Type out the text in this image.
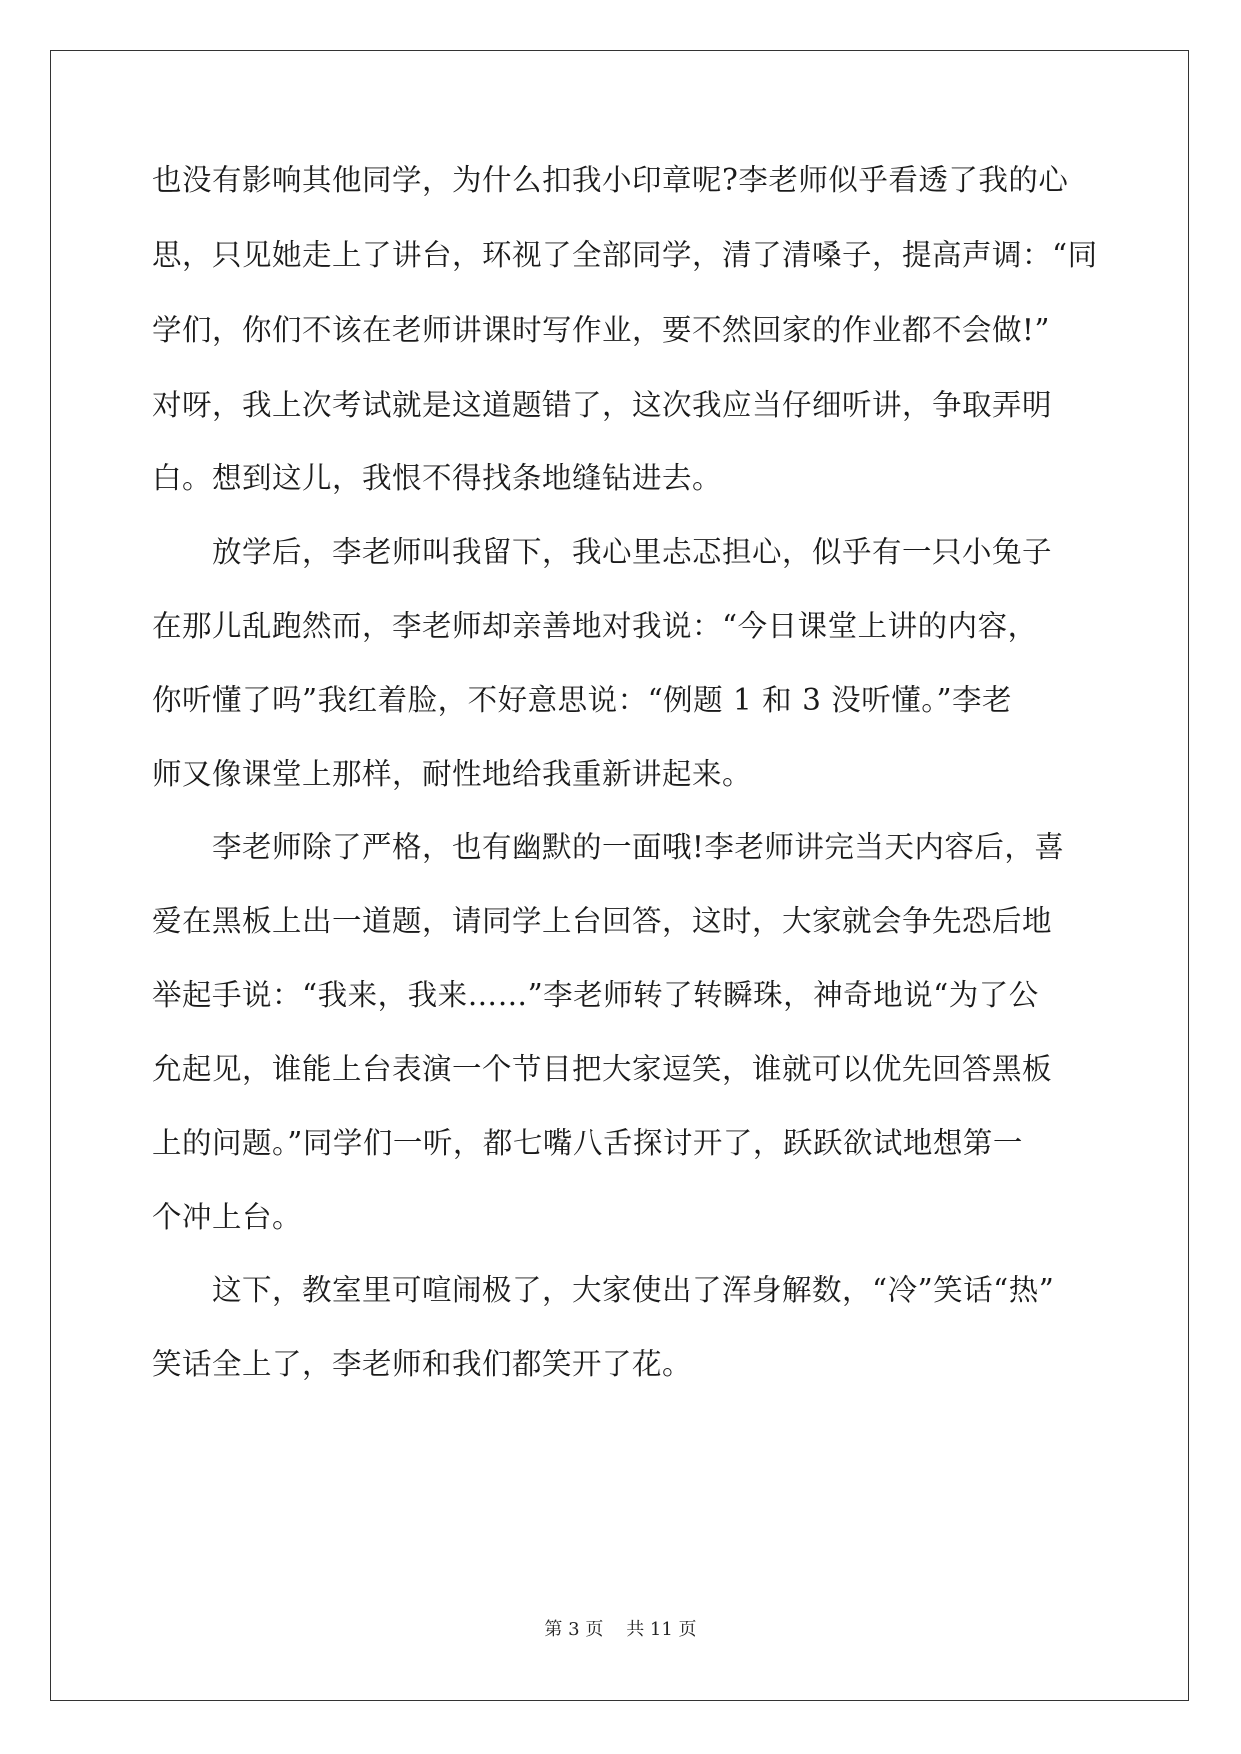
也没有影响其他同学，为什么扣我小印章呢?李老师似乎看透了我的心
思，只见她走上了讲台，环视了全部同学，清了清嗓子，提高声调：“同
学们，你们不该在老师讲课时写作业，要不然回家的作业都不会做!”
对呀，我上次考试就是这道题错了，这次我应当仔细听讲，争取弄明
白。想到这儿，我恨不得找条地缝钻进去。
放学后，李老师叫我留下，我心里忐忑担心，似乎有一只小兔子
在那儿乱跑然而，李老师却亲善地对我说：“今日课堂上讲的内容，
你听懂了吗”我红着脸，不好意思说：“例题 1 和 3 没听懂。”李老
师又像课堂上那样，耐性地给我重新讲起来。
李老师除了严格，也有幽默的一面哦!李老师讲完当天内容后，喜
爱在黑板上出一道题，请同学上台回答，这时，大家就会争先恐后地
举起手说：“我来，我来……”李老师转了转瞬珠，神奇地说“为了公
允起见，谁能上台表演一个节目把大家逗笑，谁就可以优先回答黑板
上的问题。”同学们一听，都七嘴八舌探讨开了，跃跃欲试地想第一
个冲上台。
这下，教室里可喧闹极了，大家使出了浑身解数，“冷”笑话“热”
笑话全上了，李老师和我们都笑开了花。
第 3 页    共 11 页
